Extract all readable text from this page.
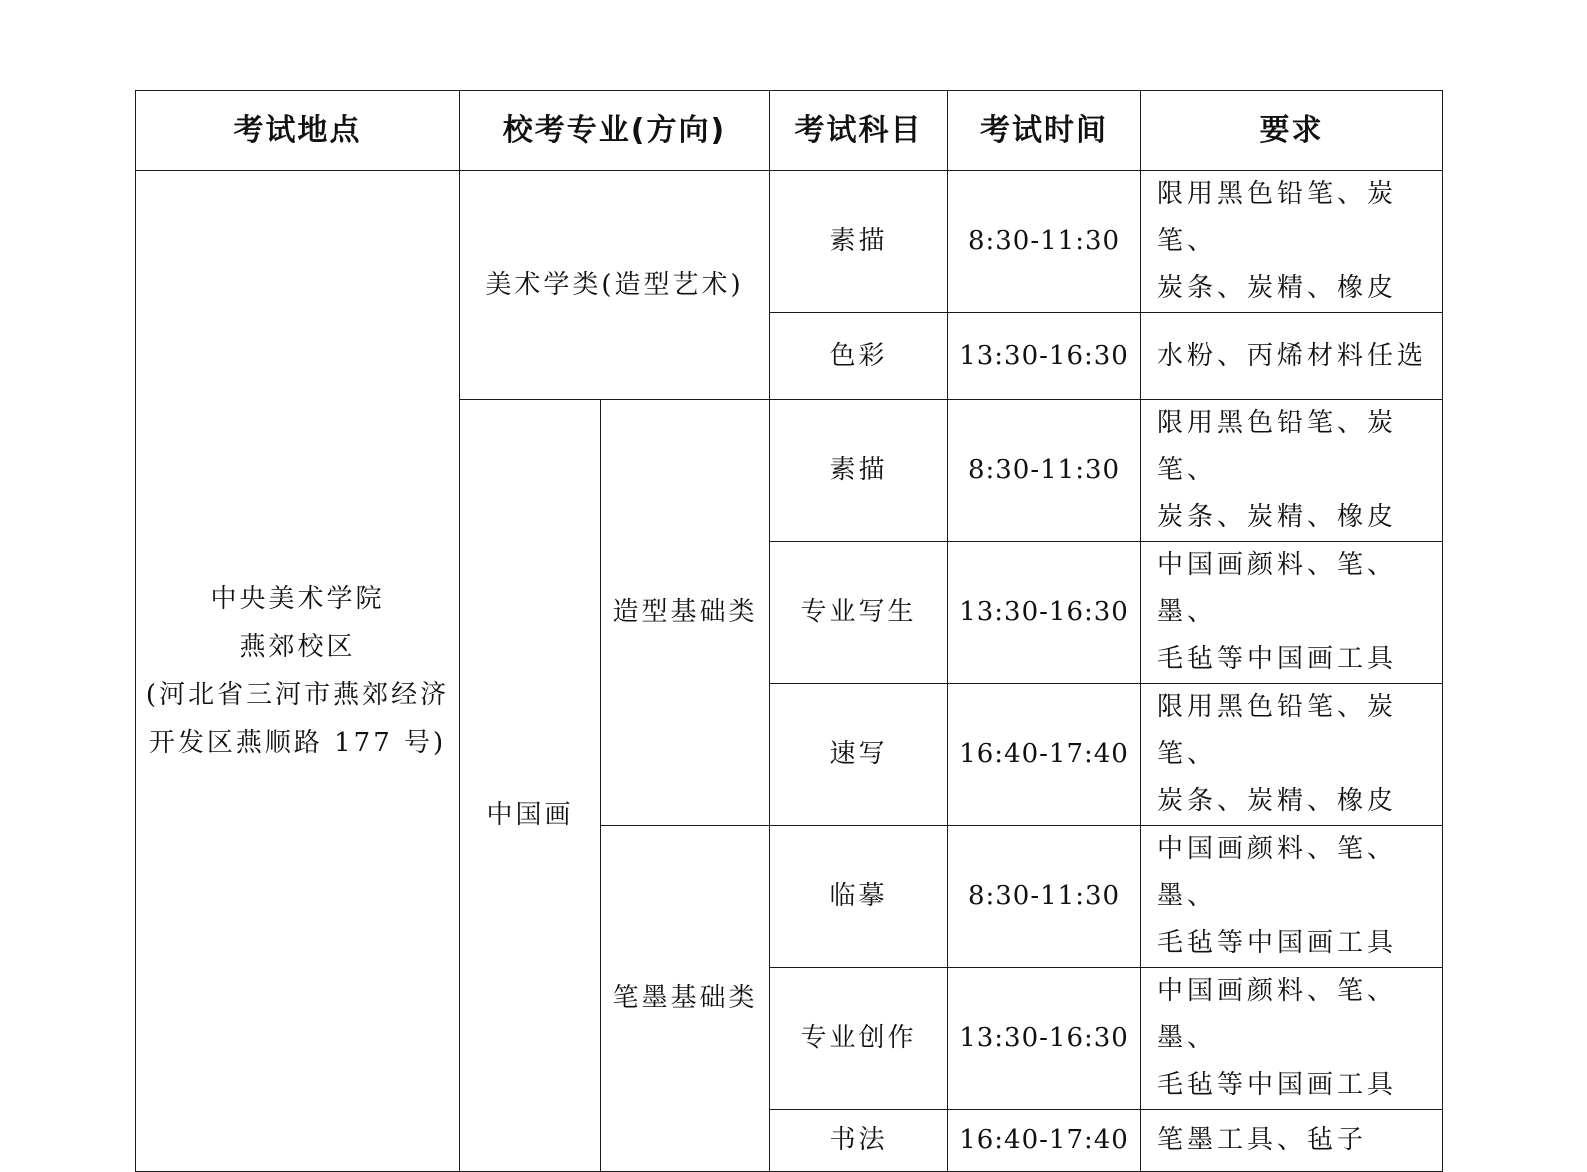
考试地点	校考专业(方向)		考试科目	考试时间	要求

中央美术学院
燕郊校区
(河北省三河市燕郊经济
开发区燕顺路 177 号)	美术学类(造型艺术)		素描	8:30-11:30	限用黑色铅笔、炭笔、
炭条、炭精、橡皮

			色彩	13:30-16:30	水粉、丙烯材料任选

	中国画	造型基础类	素描	8:30-11:30	限用黑色铅笔、炭笔、
炭条、炭精、橡皮

			专业写生	13:30-16:30	中国画颜料、笔、墨、
毛毡等中国画工具

			速写	16:40-17:40	限用黑色铅笔、炭笔、
炭条、炭精、橡皮

		笔墨基础类	临摹	8:30-11:30	中国画颜料、笔、墨、
毛毡等中国画工具

			专业创作	13:30-16:30	中国画颜料、笔、墨、
毛毡等中国画工具

			书法	16:40-17:40	笔墨工具、毡子
